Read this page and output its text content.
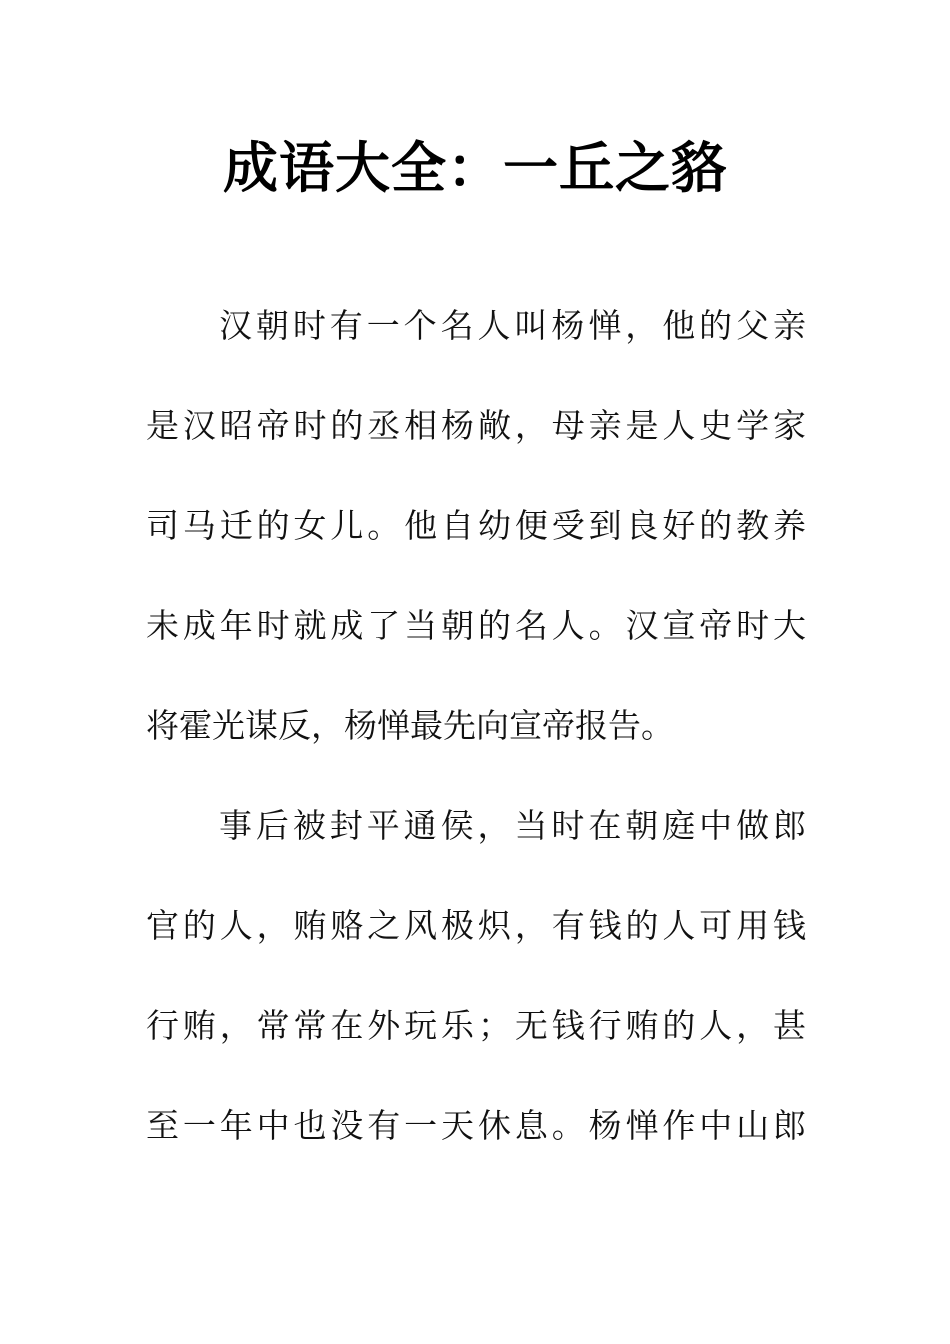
成语大全：一丘之貉
汉朝时有一个名人叫杨惮，他的父亲
是汉昭帝时的丞相杨敞，母亲是人史学家
司马迁的女儿。他自幼便受到良好的教养
未成年时就成了当朝的名人。汉宣帝时大
将霍光谋反，杨惮最先向宣帝报告。
事后被封平通侯，当时在朝庭中做郎
官的人，贿赂之风极炽，有钱的人可用钱
行贿，常常在外玩乐；无钱行贿的人，甚
至一年中也没有一天休息。杨惮作中山郎
